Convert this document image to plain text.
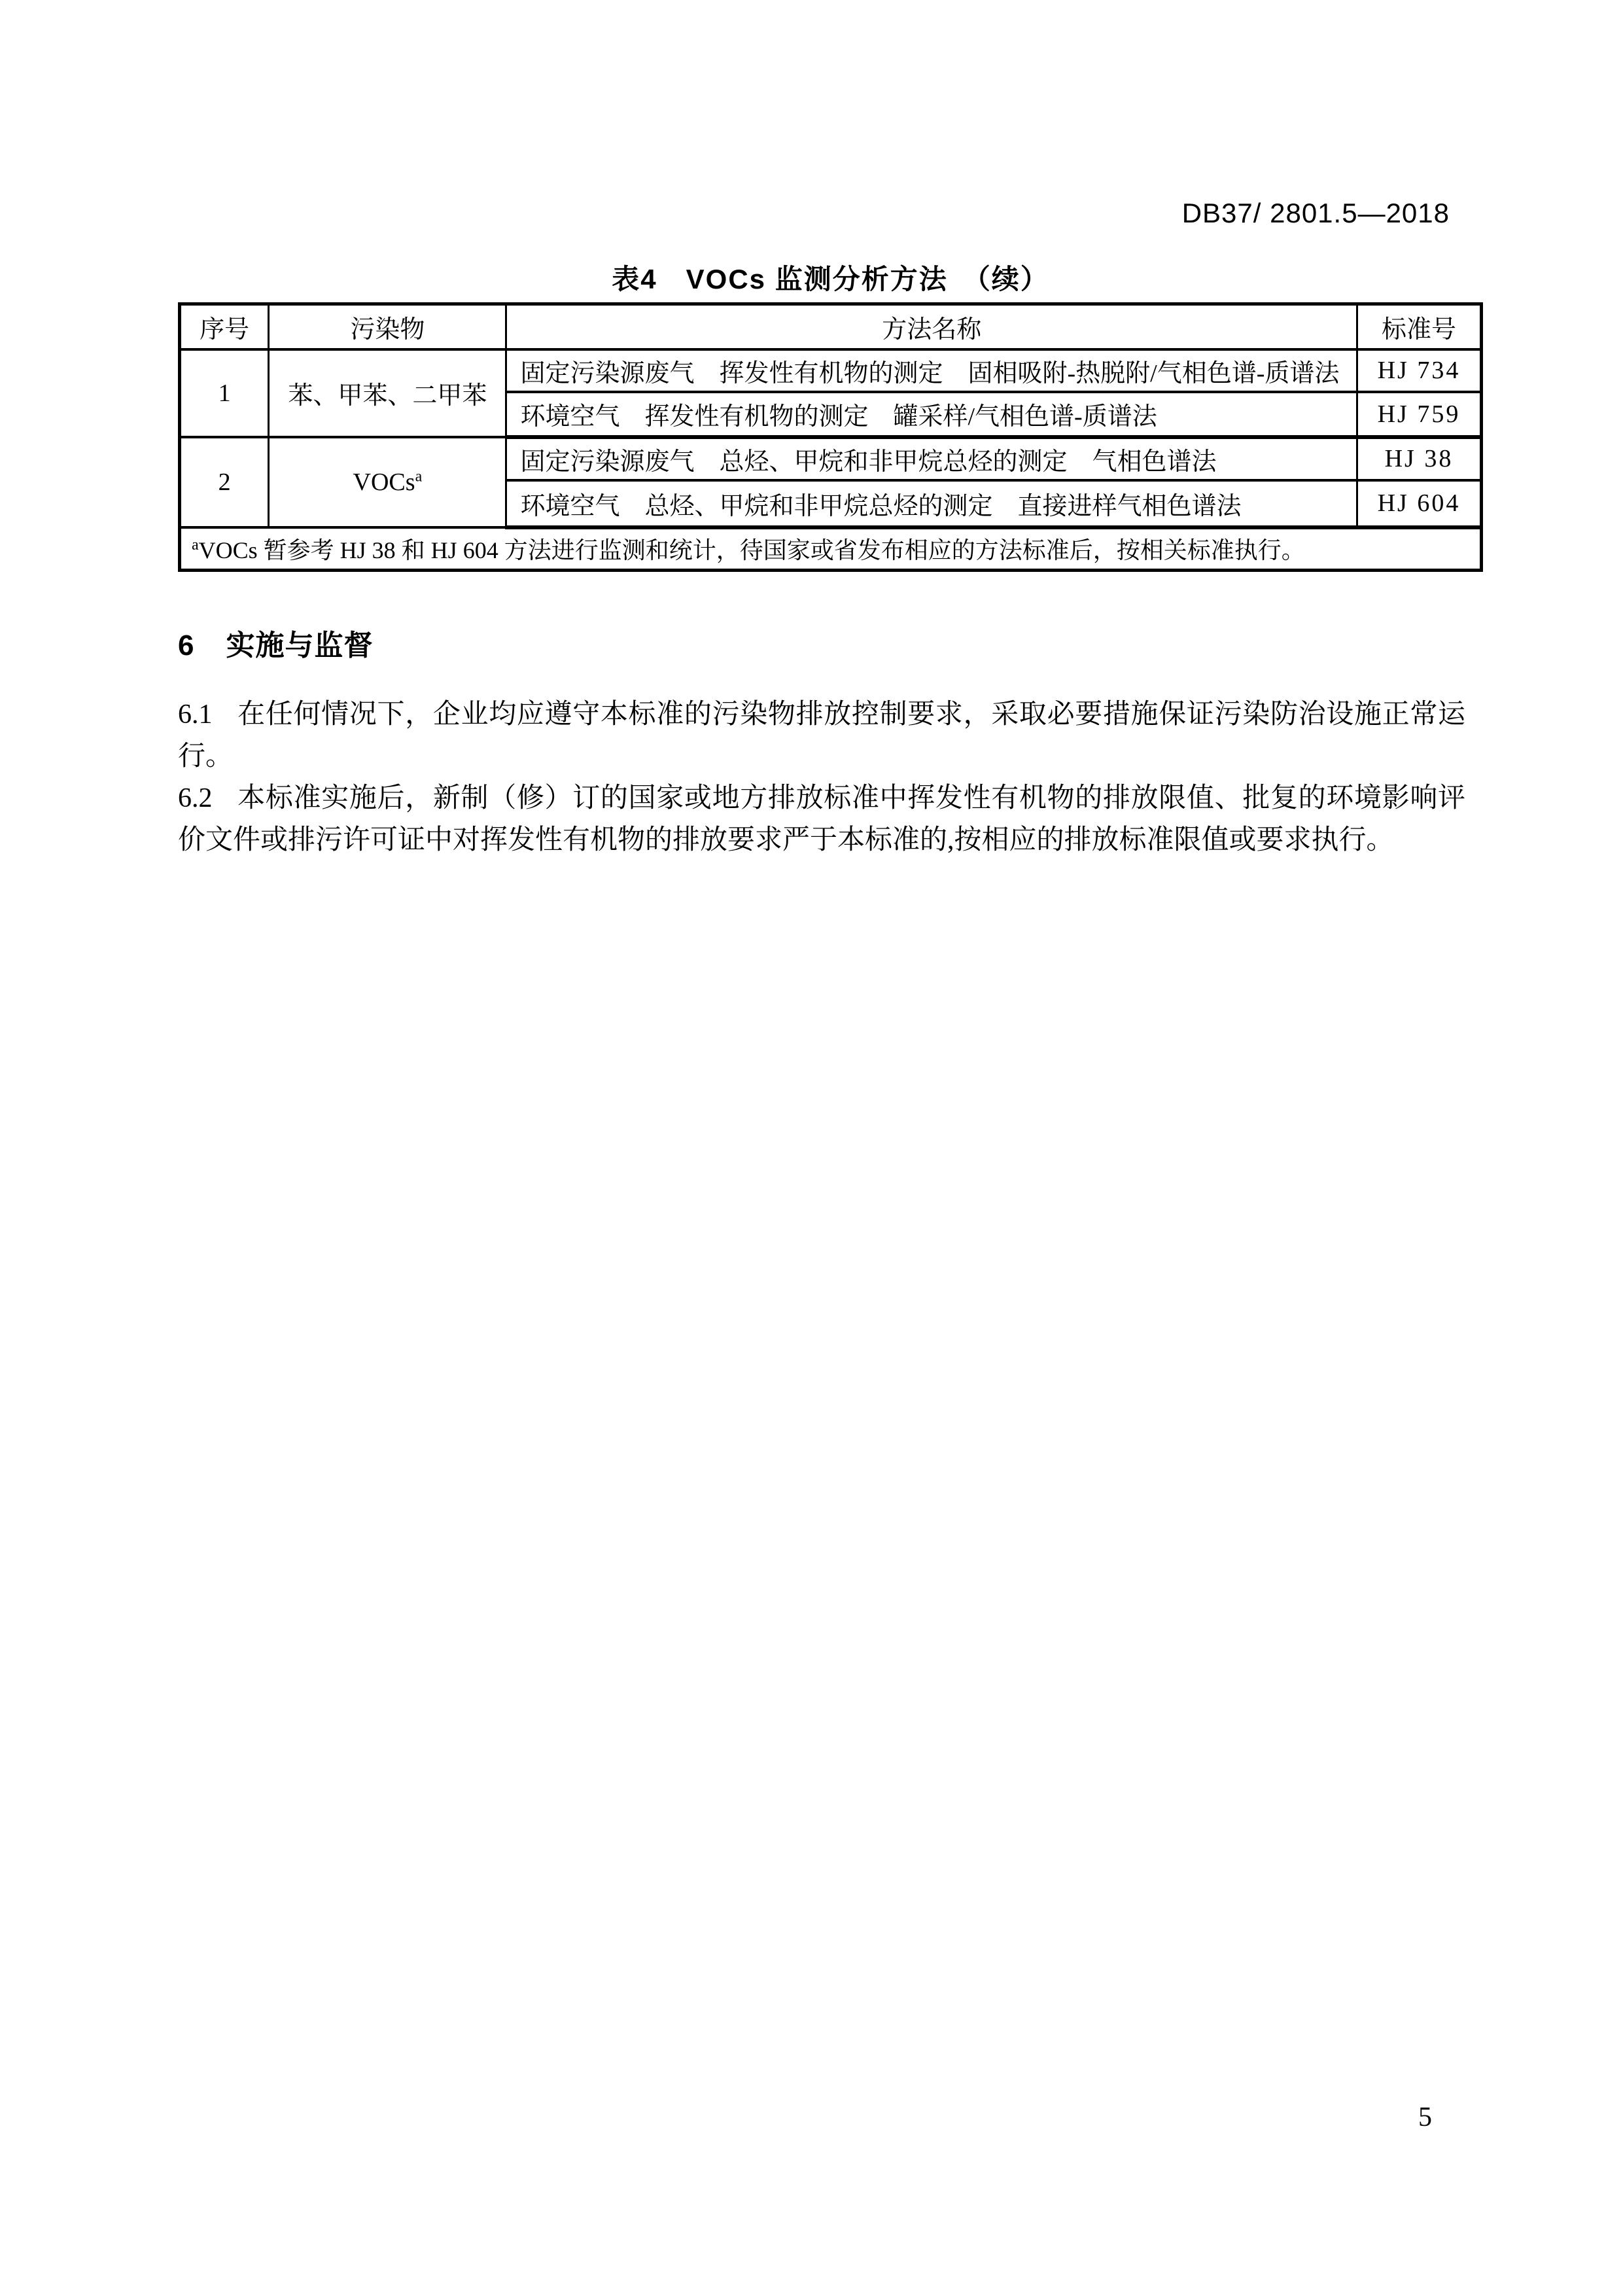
DB37/ 2801.5—2018
表4　VOCs 监测分析方法　（续）
序号	污染物	方法名称	标准号
1	苯、甲苯、二甲苯	固定污染源废气　挥发性有机物的测定　固相吸附-热脱附/气相色谱-质谱法	HJ 734
		环境空气　挥发性有机物的测定　罐采样/气相色谱-质谱法	HJ 759
2	VOCs$^a$	固定污染源废气　总烃、甲烷和非甲烷总烃的测定　气相色谱法	HJ 38
		环境空气　总烃、甲烷和非甲烷总烃的测定　直接进样气相色谱法	HJ 604
$^a$VOCs 暂参考 HJ 38 和 HJ 604 方法进行监测和统计，待国家或省发布相应的方法标准后，按相关标准执行。			
6 实施与监督

6.1 在任何情况下，企业均应遵守本标准的污染物排放控制要求，采取必要措施保证污染防治设施正常运行。

6.2 本标准实施后，新制（修）订的国家或地方排放标准中挥发性有机物的排放限值、批复的环境影响评价文件或排污许可证中对挥发性有机物的排放要求严于本标准的,按相应的排放标准限值或要求执行。

5
